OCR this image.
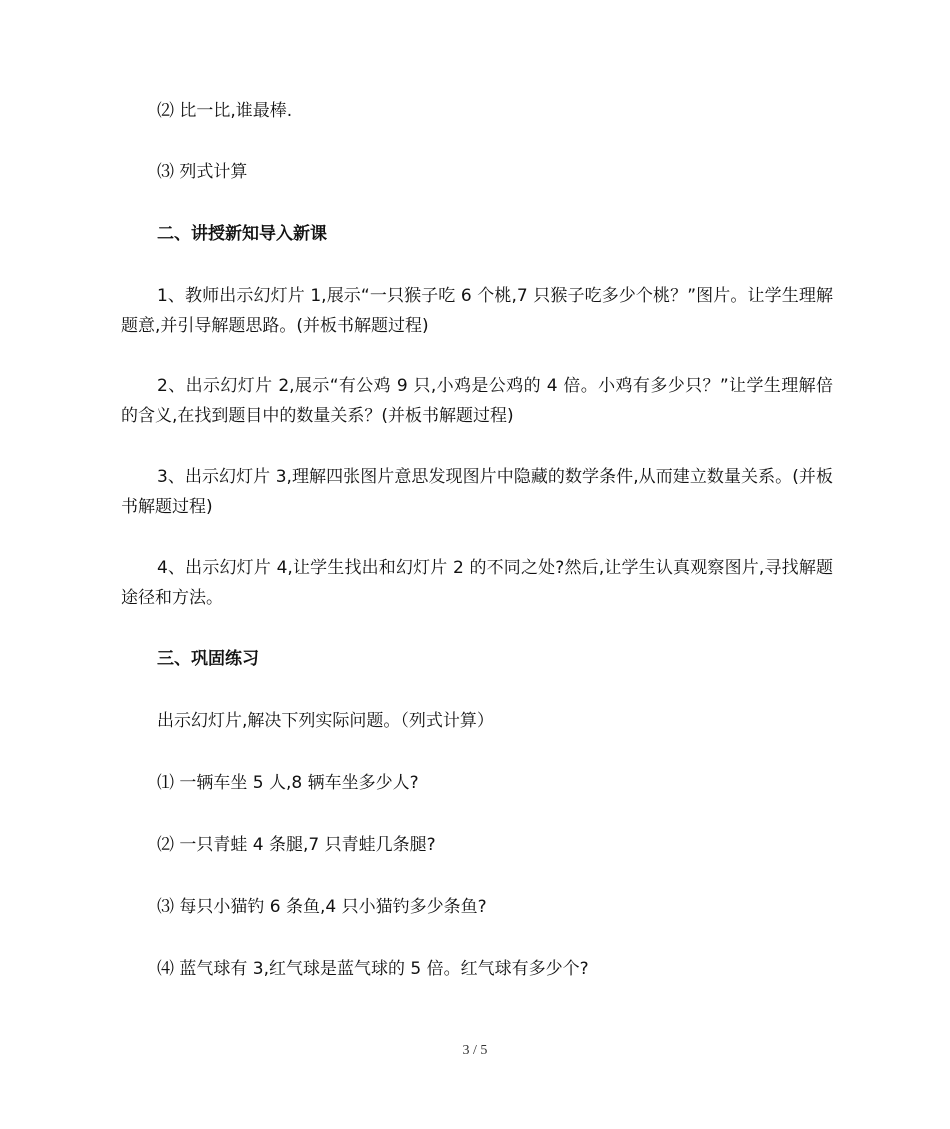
⑵ 比一比,谁最棒.

⑶ 列式计算

二、讲授新知导入新课

1、教师出示幻灯片 1,展示“一只猴子吃 6 个桃,7 只猴子吃多少个桃？”图片。让学生理解题意,并引导解题思路。(并板书解题过程)

2、出示幻灯片 2,展示“有公鸡 9 只,小鸡是公鸡的 4 倍。小鸡有多少只？”让学生理解倍的含义,在找到题目中的数量关系？(并板书解题过程)

3、出示幻灯片 3,理解四张图片意思发现图片中隐藏的数学条件,从而建立数量关系。(并板书解题过程)

4、出示幻灯片 4,让学生找出和幻灯片 2 的不同之处?然后,让学生认真观察图片,寻找解题途径和方法。

三、巩固练习

出示幻灯片,解决下列实际问题。（列式计算）

⑴ 一辆车坐 5 人,8 辆车坐多少人?

⑵ 一只青蛙 4 条腿,7 只青蛙几条腿?

⑶ 每只小猫钓 6 条鱼,4 只小猫钓多少条鱼?

⑷ 蓝气球有 3,红气球是蓝气球的 5 倍。红气球有多少个?

3 / 5
